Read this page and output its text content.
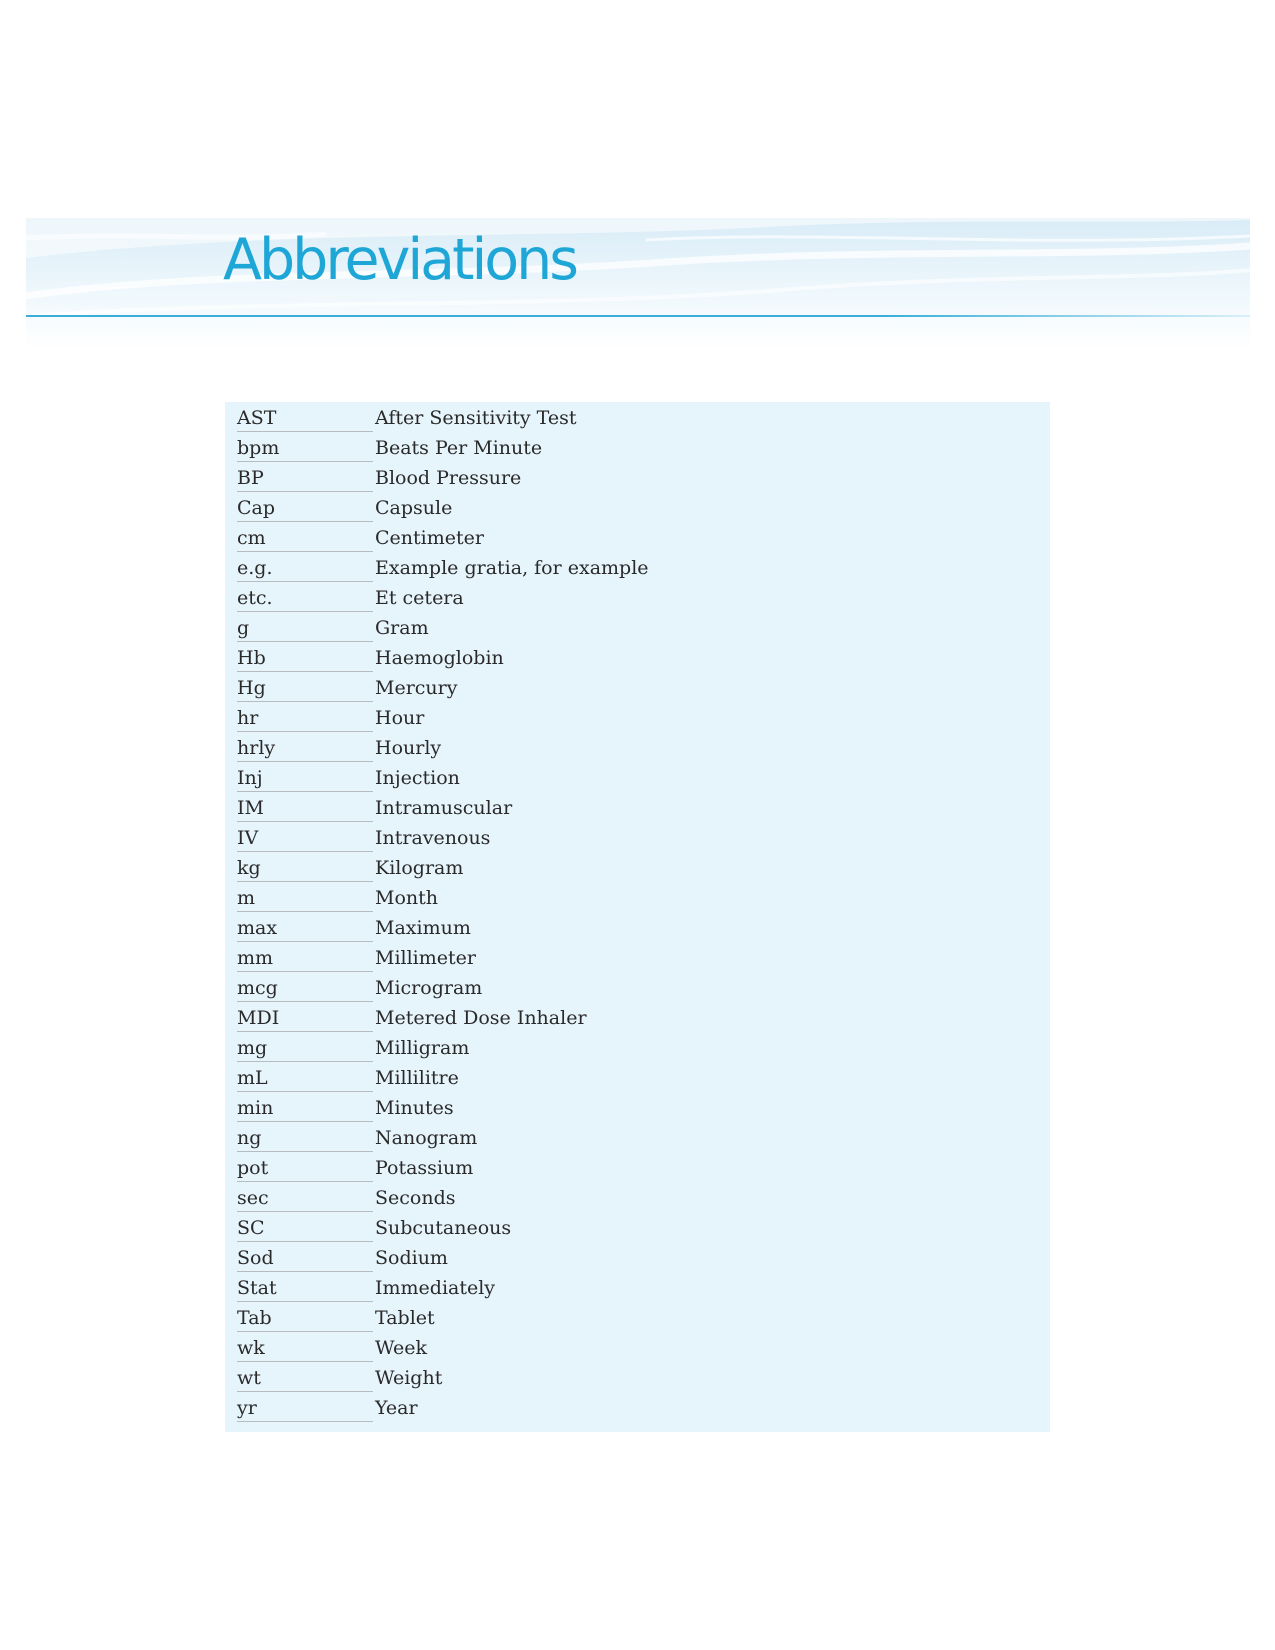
Abbreviations
AST	After Sensitivity Test
bpm	Beats Per Minute
BP	Blood Pressure
Cap	Capsule
cm	Centimeter
e.g.	Example gratia, for example
etc.	Et cetera
g	Gram
Hb	Haemoglobin
Hg	Mercury
hr	Hour
hrly	Hourly
Inj	Injection
IM	Intramuscular
IV	Intravenous
kg	Kilogram
m	Month
max	Maximum
mm	Millimeter
mcg	Microgram
MDI	Metered Dose Inhaler
mg	Milligram
mL	Millilitre
min	Minutes
ng	Nanogram
pot	Potassium
sec	Seconds
SC	Subcutaneous
Sod	Sodium
Stat	Immediately
Tab	Tablet
wk	Week
wt	Weight
yr	Year
